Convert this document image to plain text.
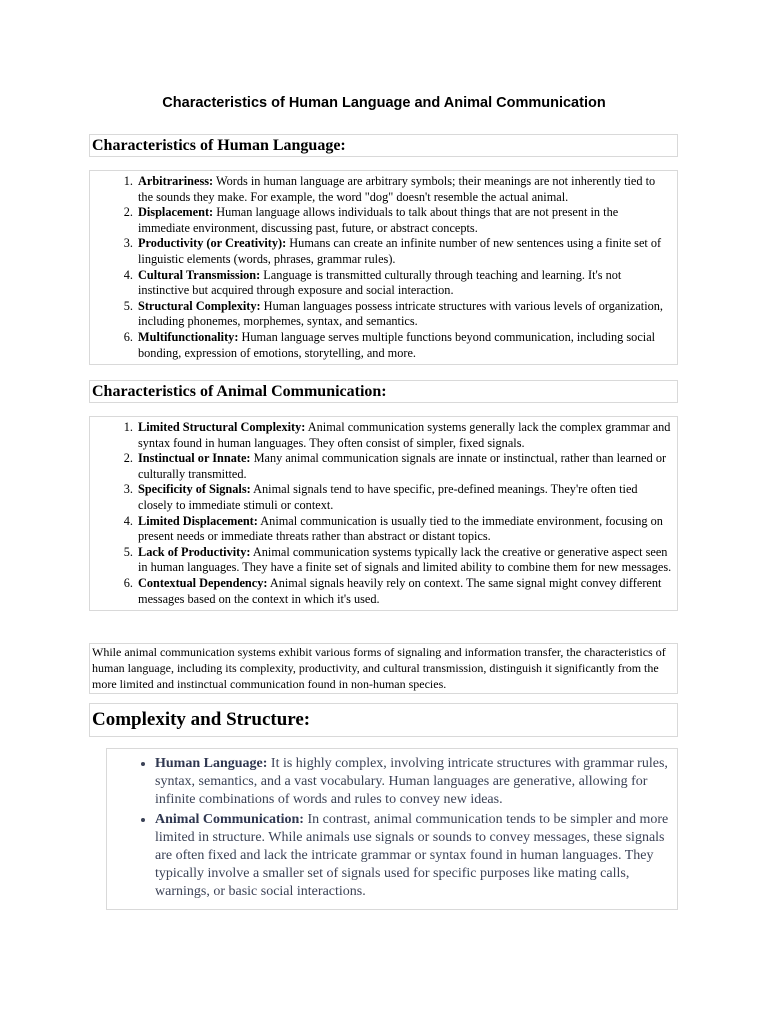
Characteristics of Human Language and Animal Communication
Characteristics of Human Language:
1. Arbitrariness: Words in human language are arbitrary symbols; their meanings are not inherently tied to the sounds they make. For example, the word "dog" doesn't resemble the actual animal.
2. Displacement: Human language allows individuals to talk about things that are not present in the immediate environment, discussing past, future, or abstract concepts.
3. Productivity (or Creativity): Humans can create an infinite number of new sentences using a finite set of linguistic elements (words, phrases, grammar rules).
4. Cultural Transmission: Language is transmitted culturally through teaching and learning. It's not instinctive but acquired through exposure and social interaction.
5. Structural Complexity: Human languages possess intricate structures with various levels of organization, including phonemes, morphemes, syntax, and semantics.
6. Multifunctionality: Human language serves multiple functions beyond communication, including social bonding, expression of emotions, storytelling, and more.
Characteristics of Animal Communication:
1. Limited Structural Complexity: Animal communication systems generally lack the complex grammar and syntax found in human languages. They often consist of simpler, fixed signals.
2. Instinctual or Innate: Many animal communication signals are innate or instinctual, rather than learned or culturally transmitted.
3. Specificity of Signals: Animal signals tend to have specific, pre-defined meanings. They're often tied closely to immediate stimuli or context.
4. Limited Displacement: Animal communication is usually tied to the immediate environment, focusing on present needs or immediate threats rather than abstract or distant topics.
5. Lack of Productivity: Animal communication systems typically lack the creative or generative aspect seen in human languages. They have a finite set of signals and limited ability to combine them for new messages.
6. Contextual Dependency: Animal signals heavily rely on context. The same signal might convey different messages based on the context in which it's used.
While animal communication systems exhibit various forms of signaling and information transfer, the characteristics of human language, including its complexity, productivity, and cultural transmission, distinguish it significantly from the more limited and instinctual communication found in non-human species.
Complexity and Structure:
• Human Language: It is highly complex, involving intricate structures with grammar rules, syntax, semantics, and a vast vocabulary. Human languages are generative, allowing for infinite combinations of words and rules to convey new ideas.
• Animal Communication: In contrast, animal communication tends to be simpler and more limited in structure. While animals use signals or sounds to convey messages, these signals are often fixed and lack the intricate grammar or syntax found in human languages. They typically involve a smaller set of signals used for specific purposes like mating calls, warnings, or basic social interactions.
